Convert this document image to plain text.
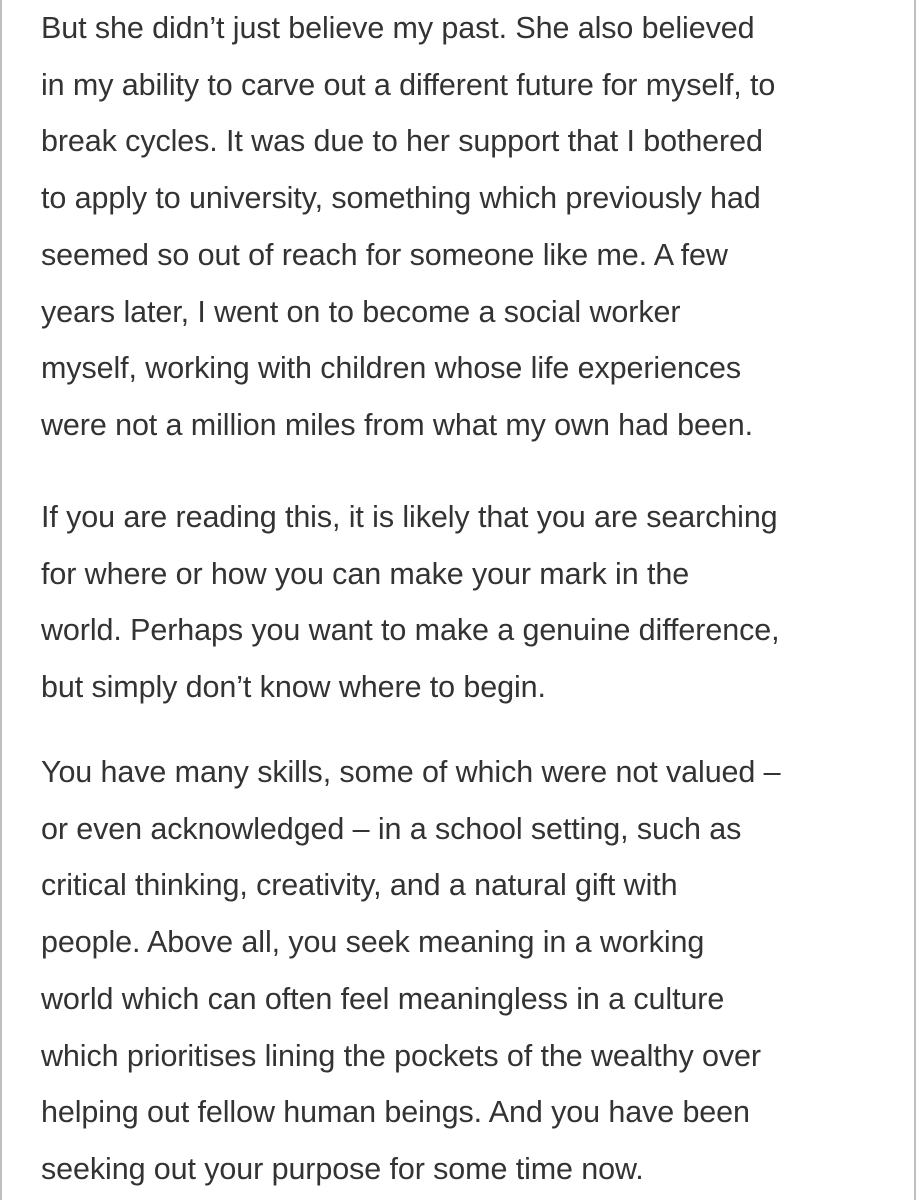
But she didn’t just believe my past. She also believed
in my ability to carve out a different future for myself, to
break cycles. It was due to her support that I bothered
to apply to university, something which previously had
seemed so out of reach for someone like me. A few
years later, I went on to become a social worker
myself, working with children whose life experiences
were not a million miles from what my own had been.

If you are reading this, it is likely that you are searching
for where or how you can make your mark in the
world. Perhaps you want to make a genuine difference,
but simply don’t know where to begin.

You have many skills, some of which were not valued –
or even acknowledged – in a school setting, such as
critical thinking, creativity, and a natural gift with
people. Above all, you seek meaning in a working
world which can often feel meaningless in a culture
which prioritises lining the pockets of the wealthy over
helping out fellow human beings. And you have been
seeking out your purpose for some time now.
